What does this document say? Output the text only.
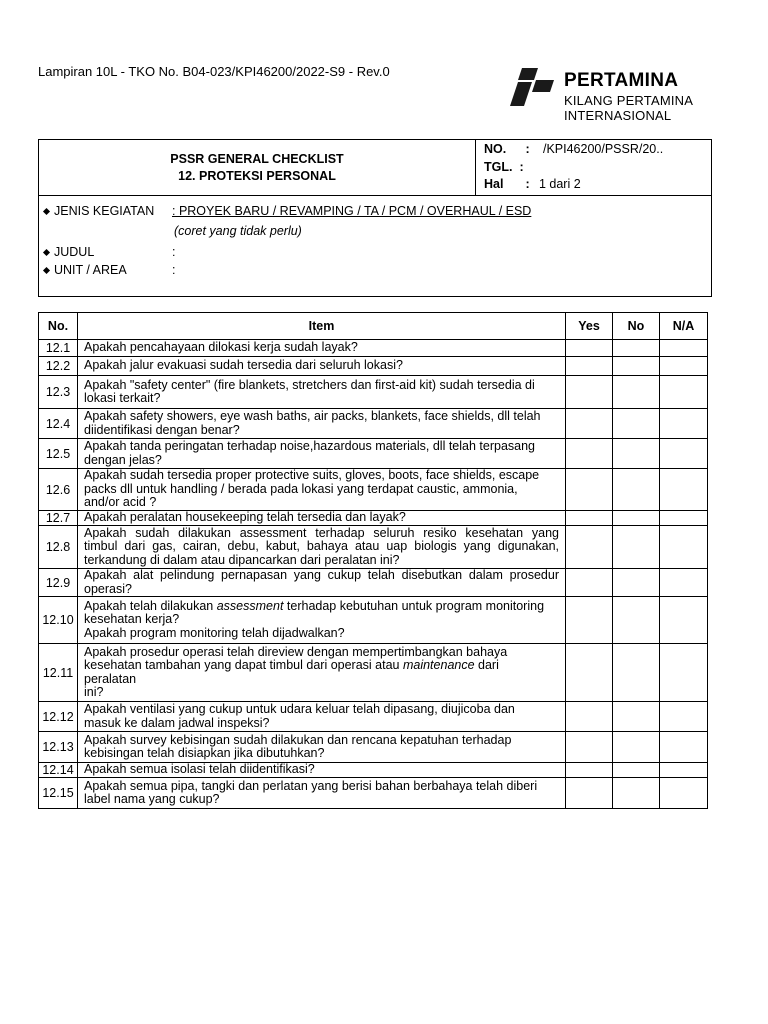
Lampiran 10L - TKO No. B04-023/KPI46200/2022-S9 - Rev.0	PERTAMINA
KILANG PERTAMINA
INTERNASIONAL
PSSR GENERAL CHECKLIST
12. PROTEKSI PERSONAL
NO. : /KPI46200/PSSR/20..
TGL. :
Hal : 1 dari 2
JENIS KEGIATAN : PROYEK BARU / REVAMPING / TA / PCM / OVERHAUL / ESD
(coret yang tidak perlu)
JUDUL	:
UNIT / AREA	:
No.	Item	Yes	No	N/A
12.1	Apakah pencahayaan dilokasi kerja sudah layak?			

12.2	Apakah jalur evakuasi sudah tersedia dari seluruh lokasi?			

12.3	Apakah "safety center" (fire blankets, stretchers dan first-aid kit) sudah tersedia di
lokasi terkait?			

12.4	Apakah safety showers, eye wash baths, air packs, blankets, face shields, dll telah
diidentifikasi dengan benar?			

12.5	Apakah tanda peringatan terhadap noise,hazardous materials, dll telah terpasang
dengan jelas?			

12.6	Apakah sudah tersedia proper protective suits, gloves, boots, face shields, escape
packs dll untuk handling / berada pada lokasi yang terdapat caustic, ammonia,
and/or acid ?			

12.7	Apakah peralatan housekeeping telah tersedia dan layak?			

12.8	Apakah sudah dilakukan assessment terhadap seluruh resiko kesehatan yang
timbul dari gas, cairan, debu, kabut, bahaya atau uap biologis yang digunakan,
terkandung di dalam atau dipancarkan dari peralatan ini?			

12.9	Apakah alat pelindung pernapasan yang cukup telah disebutkan dalam prosedur
operasi?			

12.10	Apakah telah dilakukan assessment terhadap kebutuhan untuk program monitoring
kesehatan kerja?
Apakah program monitoring telah dijadwalkan?			

12.11	Apakah prosedur operasi telah direview dengan mempertimbangkan bahaya
kesehatan tambahan yang dapat timbul dari operasi atau maintenance dari
peralatan
ini?			

12.12	Apakah ventilasi yang cukup untuk udara keluar telah dipasang, diujicoba dan
masuk ke dalam jadwal inspeksi?			

12.13	Apakah survey kebisingan sudah dilakukan dan rencana kepatuhan terhadap
kebisingan telah disiapkan jika dibutuhkan?			

12.14	Apakah semua isolasi telah diidentifikasi?			

12.15	Apakah semua pipa, tangki dan perlatan yang berisi bahan berbahaya telah diberi
label nama yang cukup?			
